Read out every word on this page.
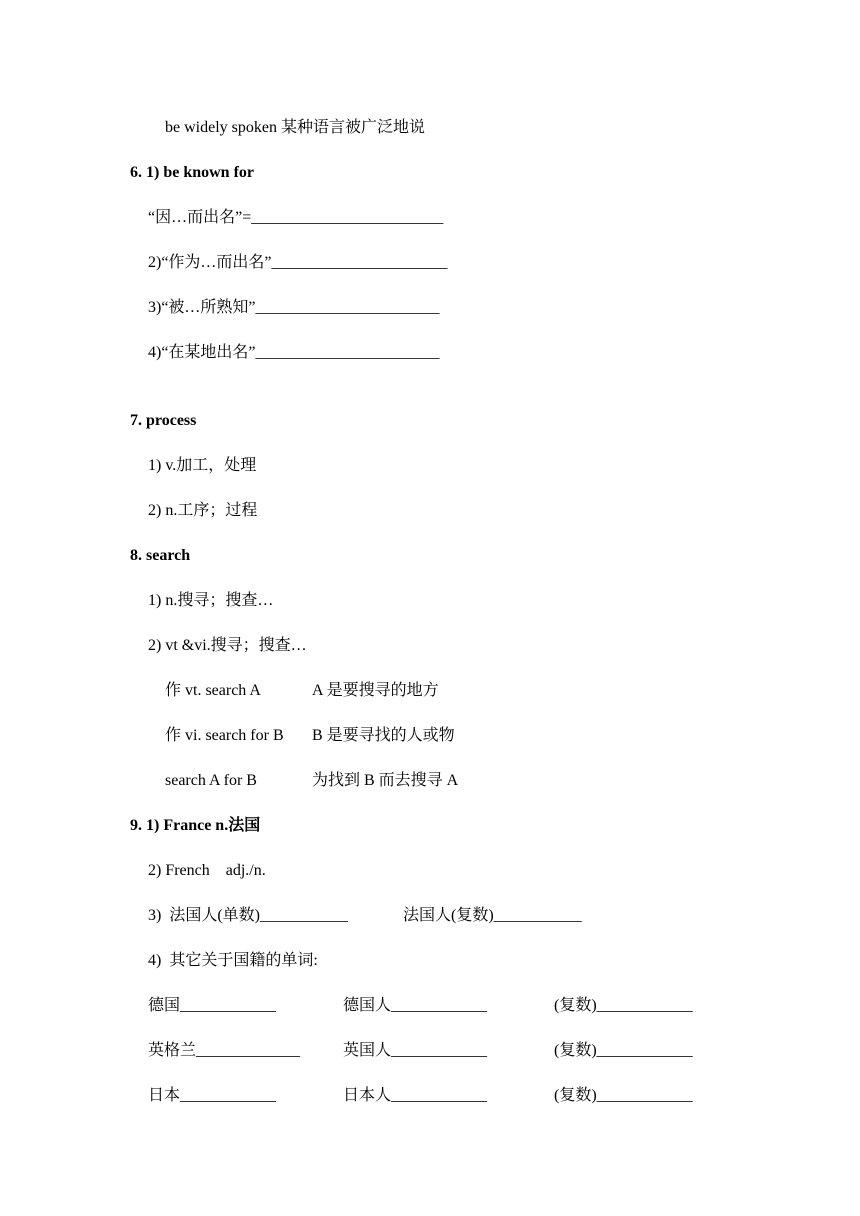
be widely spoken 某种语言被广泛地说
6. 1) be known for
“因…而出名”=________________________
2)“作为…而出名”______________________
3)“被…所熟知”_______________________
4)“在某地出名”_______________________
7. process
1) v.加工，处理
2) n.工序；过程
8. search
1) n.搜寻；搜查…
2) vt &vi.搜寻；搜查…
作 vt. search A	A 是要搜寻的地方
作 vi. search for B B 是要寻找的人或物
search A for B	为找到 B 而去搜寻 A
9. 1) France n.法国
2) French    adj./n.
3)  法国人(单数)___________	法国人(复数)___________
4)  其它关于国籍的单词:
德国____________	德国人____________	(复数)____________
英格兰_____________	英国人____________	(复数)____________
日本____________	日本人____________	(复数)____________
